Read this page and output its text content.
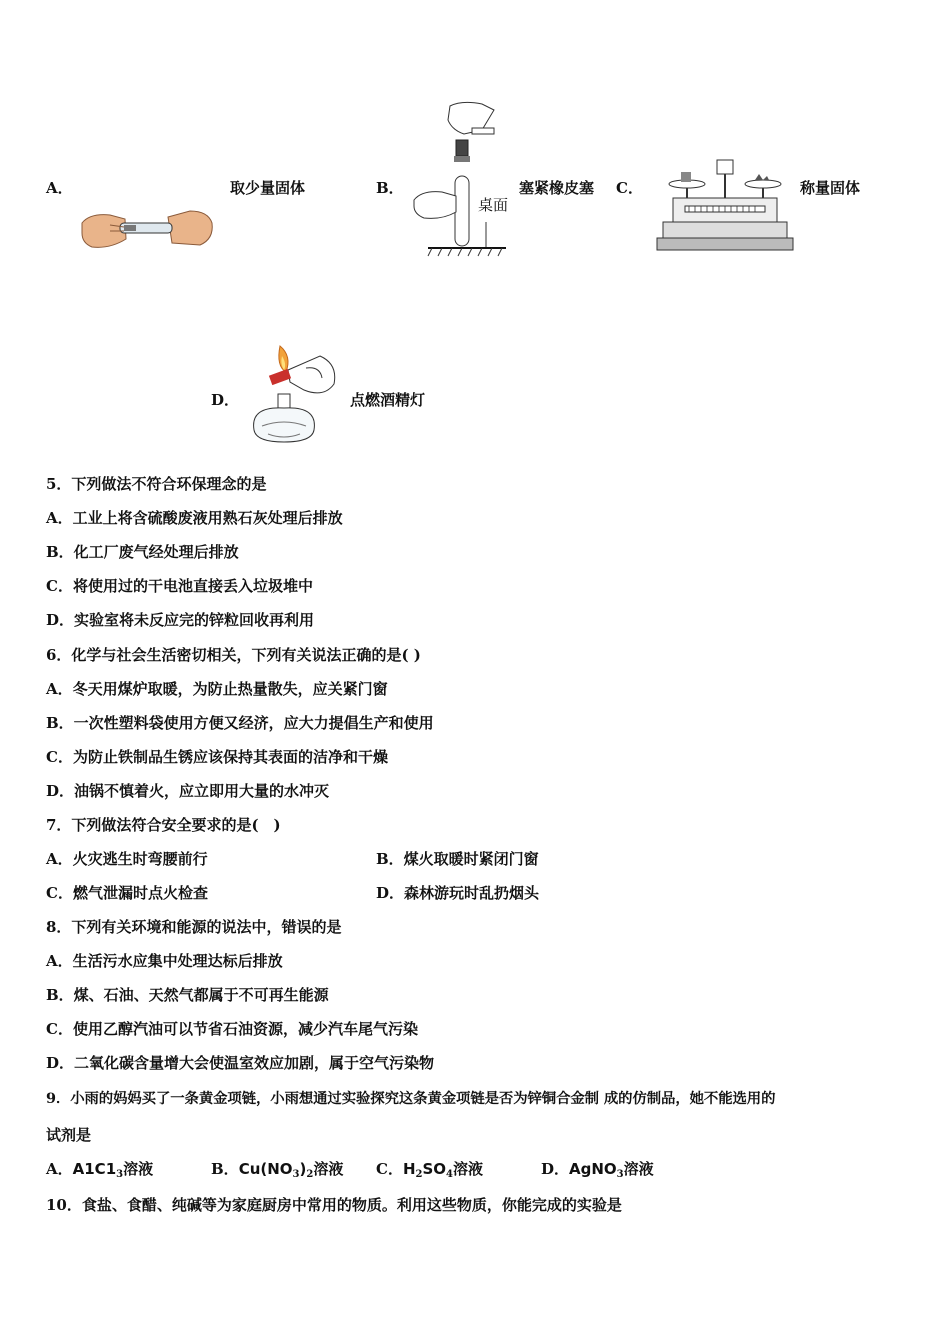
A．	取少量固体	B．	塞紧橡皮塞
桌面
C．	称量固体
D．	点燃酒精灯
5．下列做法不符合环保理念的是
A．工业上将含硫酸废液用熟石灰处理后排放
B．化工厂废气经处理后排放
C．将使用过的干电池直接丢入垃圾堆中
D．实验室将未反应完的锌粒回收再利用
6．化学与社会生活密切相关，下列有关说法正确的是( )
A．冬天用煤炉取暖，为防止热量散失，应关紧门窗
B．一次性塑料袋使用方便又经济，应大力提倡生产和使用
C．为防止铁制品生锈应该保持其表面的洁净和干燥
D．油锅不慎着火，应立即用大量的水冲灭
7．下列做法符合安全要求的是(　)
A．火灾逃生时弯腰前行	B．煤火取暖时紧闭门窗
C．燃气泄漏时点火检查	D．森林游玩时乱扔烟头
8．下列有关环境和能源的说法中，错误的是
A．生活污水应集中处理达标后排放
B．煤、石油、天然气都属于不可再生能源
C．使用乙醇汽油可以节省石油资源，减少汽车尾气污染
D．二氧化碳含量增大会使温室效应加剧，属于空气污染物
9．小雨的妈妈买了一条黄金项链，小雨想通过实验探究这条黄金项链是否为锌铜合金制 成的仿制品，她不能选用的
试剂是
A．$A1C1_3$溶液	B．$Cu(NO_3)_2$溶液 C．$H_2SO_4$溶液	D．AgNO$_3$溶液
10．食盐、食醋、纯碱等为家庭厨房中常用的物质。利用这些物质，你能完成的实验是
